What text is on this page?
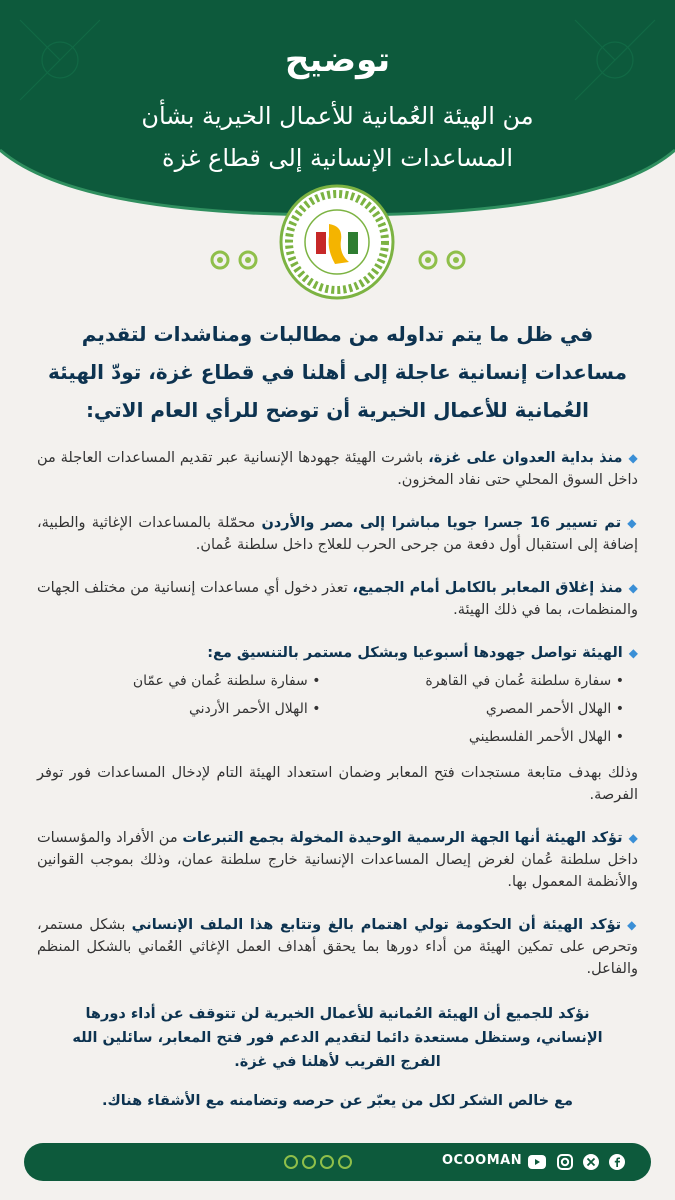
توضيح
من الهيئة العُمانية للأعمال الخيرية بشأن
المساعدات الإنسانية إلى قطاع غزة
في ظل ما يتم تداوله من مطالبات ومناشدات لتقديم
مساعدات إنسانية عاجلة إلى أهلنا في قطاع غزة، تودّ الهيئة
العُمانية للأعمال الخيرية أن توضح للرأي العام الاتي:

◆منذ بداية العدوان على غزة، باشرت الهيئة جهودها الإنسانية عبر تقديم المساعدات العاجلة من داخل السوق المحلي حتى نفاد المخزون.

◆تم تسيير 16 جسرا جويا مباشرا إلى مصر والأردن محمّلة بالمساعدات الإغاثية والطبية، إضافة إلى استقبال أول دفعة من جرحى الحرب للعلاج داخل سلطنة عُمان.

◆منذ إغلاق المعابر بالكامل أمام الجميع، تعذر دخول أي مساعدات إنسانية من مختلف الجهات والمنظمات، بما في ذلك الهيئة.

◆الهيئة تواصل جهودها أسبوعيا وبشكل مستمر بالتنسيق مع:

• سفارة سلطنة عُمان في القاهرة
• سفارة سلطنة عُمان في عمّان
• الهلال الأحمر المصري
• الهلال الأحمر الأردني
• الهلال الأحمر الفلسطيني

وذلك بهدف متابعة مستجدات فتح المعابر وضمان استعداد الهيئة التام لإدخال المساعدات فور توفر الفرصة.

◆تؤكد الهيئة أنها الجهة الرسمية الوحيدة المخولة بجمع التبرعات من الأفراد والمؤسسات داخل سلطنة عُمان لغرض إيصال المساعدات الإنسانية خارج سلطنة عمان، وذلك بموجب القوانين والأنظمة المعمول بها.

◆تؤكد الهيئة أن الحكومة تولي اهتمام بالغ وتتابع هذا الملف الإنساني بشكل مستمر، وتحرص على تمكين الهيئة من أداء دورها بما يحقق أهداف العمل الإغاثي العُماني بالشكل المنظم والفاعل.

نؤكد للجميع أن الهيئة العُمانية للأعمال الخيرية لن تتوقف عن أداء دورها
الإنساني، وستظل مستعدة دائما لتقديم الدعم فور فتح المعابر، سائلين الله
الفرج القريب لأهلنا في غزة.
مع خالص الشكر لكل من يعبّر عن حرصه وتضامنه مع الأشقاء هناك.
OCOOMAN
